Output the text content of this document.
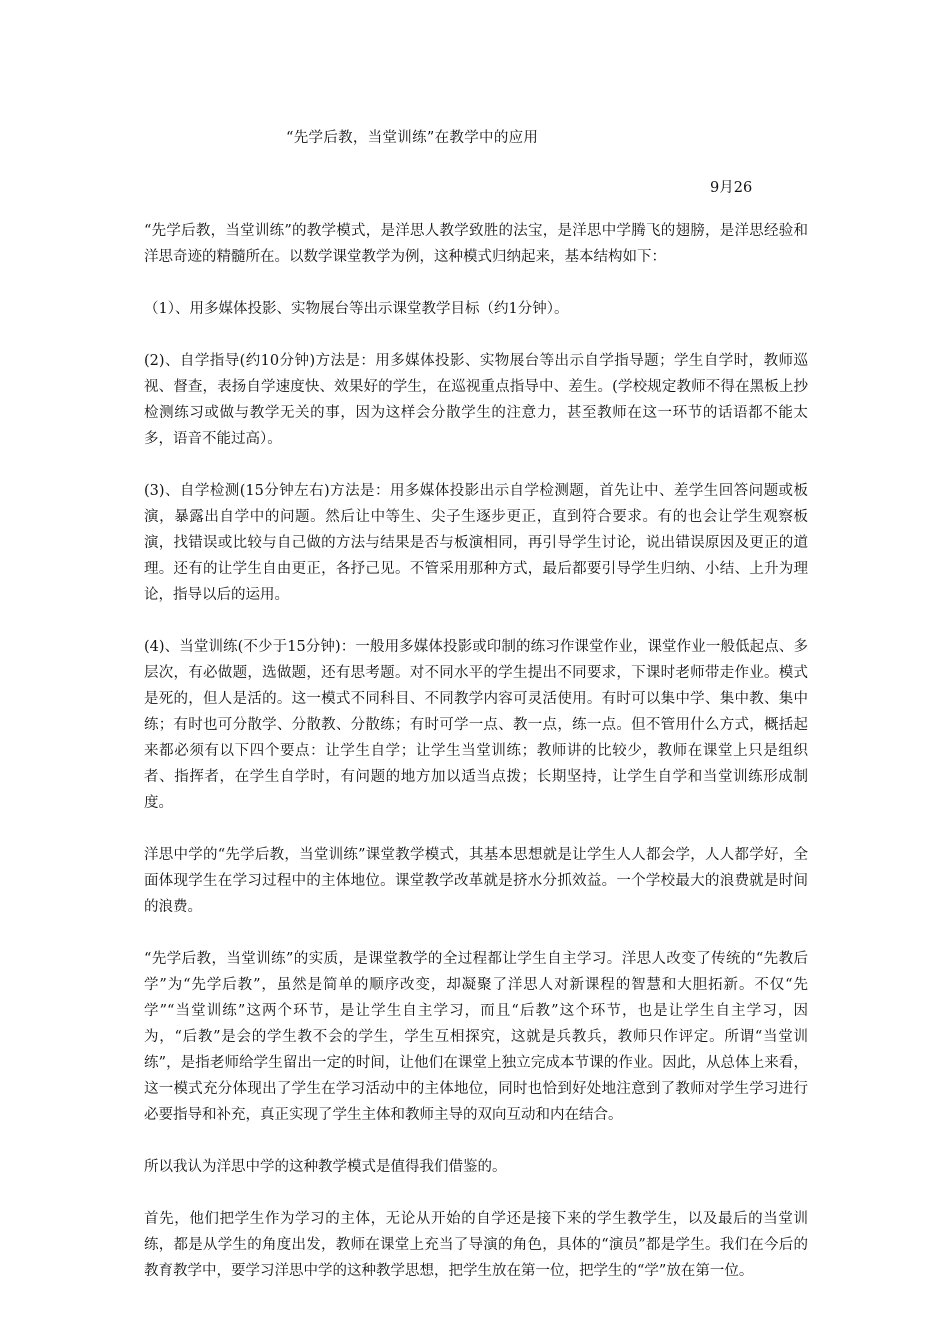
“先学后教，当堂训练”在教学中的应用
9月26

“先学后教，当堂训练”的教学模式，是洋思人教学致胜的法宝，是洋思中学腾飞的翅膀，是洋思经验和洋思奇迹的精髓所在。以数学课堂教学为例，这种模式归纳起来，基本结构如下：

（1）、用多媒体投影、实物展台等出示课堂教学目标（约1分钟）。

(2)、自学指导(约10分钟)方法是：用多媒体投影、实物展台等出示自学指导题；学生自学时，教师巡视、督查，表扬自学速度快、效果好的学生，在巡视重点指导中、差生。(学校规定教师不得在黑板上抄检测练习或做与教学无关的事，因为这样会分散学生的注意力，甚至教师在这一环节的话语都不能太多，语音不能过高）。

(3)、自学检测(15分钟左右)方法是：用多媒体投影出示自学检测题，首先让中、差学生回答问题或板演，暴露出自学中的问题。然后让中等生、尖子生逐步更正，直到符合要求。有的也会让学生观察板演，找错误或比较与自己做的方法与结果是否与板演相同，再引导学生讨论，说出错误原因及更正的道理。还有的让学生自由更正，各抒己见。不管采用那种方式，最后都要引导学生归纳、小结、上升为理论，指导以后的运用。

(4)、当堂训练(不少于15分钟)：一般用多媒体投影或印制的练习作课堂作业，课堂作业一般低起点、多层次，有必做题，选做题，还有思考题。对不同水平的学生提出不同要求，下课时老师带走作业。模式是死的，但人是活的。这一模式不同科目、不同教学内容可灵活使用。有时可以集中学、集中教、集中练；有时也可分散学、分散教、分散练；有时可学一点、教一点，练一点。但不管用什么方式，概括起来都必须有以下四个要点：让学生自学；让学生当堂训练；教师讲的比较少，教师在课堂上只是组织者、指挥者，在学生自学时，有问题的地方加以适当点拨；长期坚持，让学生自学和当堂训练形成制度。

洋思中学的“先学后教，当堂训练”课堂教学模式，其基本思想就是让学生人人都会学，人人都学好，全面体现学生在学习过程中的主体地位。课堂教学改革就是挤水分抓效益。一个学校最大的浪费就是时间的浪费。

“先学后教，当堂训练”的实质，是课堂教学的全过程都让学生自主学习。洋思人改变了传统的“先教后学”为“先学后教”，虽然是简单的顺序改变，却凝聚了洋思人对新课程的智慧和大胆拓新。不仅“先学”“当堂训练”这两个环节，是让学生自主学习，而且“后教”这个环节，也是让学生自主学习，因为，“后教”是会的学生教不会的学生，学生互相探究，这就是兵教兵，教师只作评定。所谓“当堂训练”，是指老师给学生留出一定的时间，让他们在课堂上独立完成本节课的作业。因此，从总体上来看，这一模式充分体现出了学生在学习活动中的主体地位，同时也恰到好处地注意到了教师对学生学习进行必要指导和补充，真正实现了学生主体和教师主导的双向互动和内在结合。

所以我认为洋思中学的这种教学模式是值得我们借鉴的。

首先，他们把学生作为学习的主体，无论从开始的自学还是接下来的学生教学生，以及最后的当堂训练，都是从学生的角度出发，教师在课堂上充当了导演的角色，具体的“演员”都是学生。我们在今后的教育教学中，要学习洋思中学的这种教学思想，把学生放在第一位，把学生的“学”放在第一位。
